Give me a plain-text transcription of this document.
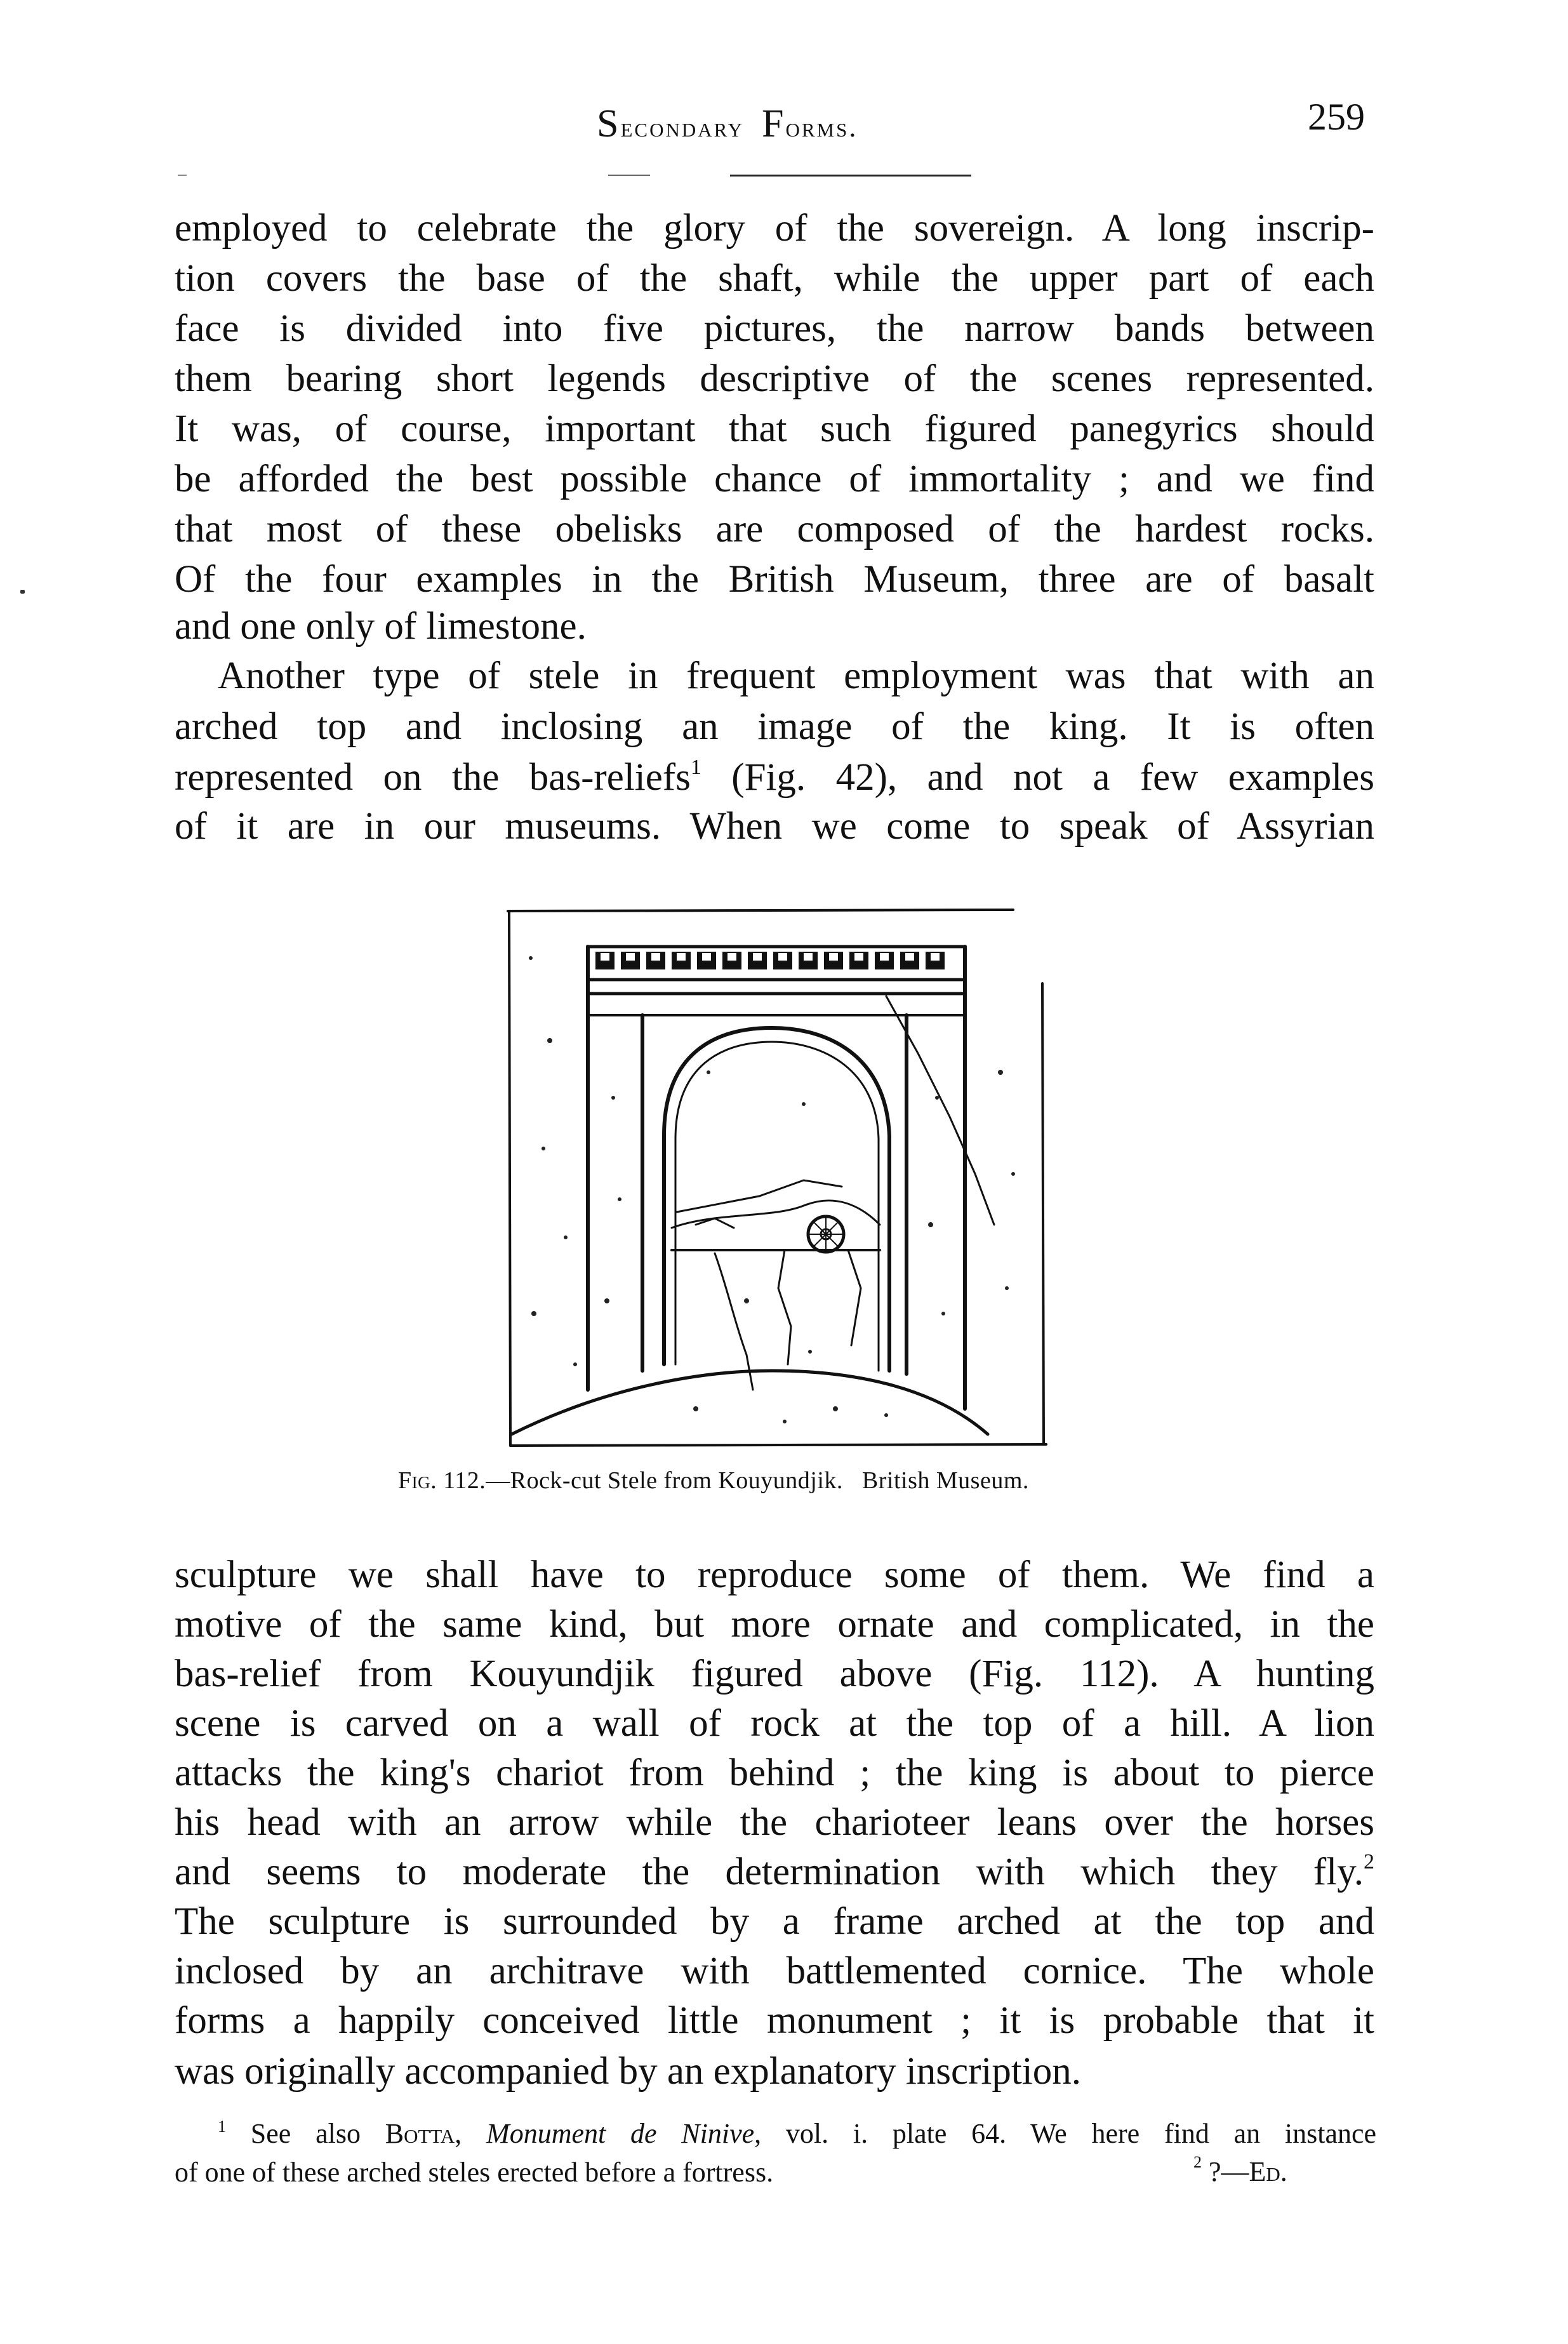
Secondary Forms.	259
employed to celebrate the glory of the sovereign. A long inscrip-
tion covers the base of the shaft, while the upper part of each
face is divided into five pictures, the narrow bands between
them bearing short legends descriptive of the scenes represented.
It was, of course, important that such figured panegyrics should
be afforded the best possible chance of immortality ; and we find
that most of these obelisks are composed of the hardest rocks.
Of the four examples in the British Museum, three are of basalt
and one only of limestone.
Another type of stele in frequent employment was that with an
arched top and inclosing an image of the king. It is often
represented on the bas-reliefs$^1$ (Fig. 42), and not a few examples
of it are in our museums. When we come to speak of Assyrian
Fig. 112.—Rock-cut Stele from Kouyundjik. British Museum.
sculpture we shall have to reproduce some of them. We find a
motive of the same kind, but more ornate and complicated, in the
bas-relief from Kouyundjik figured above (Fig. 112). A hunting
scene is carved on a wall of rock at the top of a hill. A lion
attacks the king's chariot from behind ; the king is about to pierce
his head with an arrow while the charioteer leans over the horses
and seems to moderate the determination with which they fly.$^2$
The sculpture is surrounded by a frame arched at the top and
inclosed by an architrave with battlemented cornice. The whole
forms a happily conceived little monument ; it is probable that it
was originally accompanied by an explanatory inscription.
$^1$ See also Botta, Monument de Ninive, vol. i. plate 64. We here find an instance
of one of these arched steles erected before a fortress.	$^2$ ?—Ed.
